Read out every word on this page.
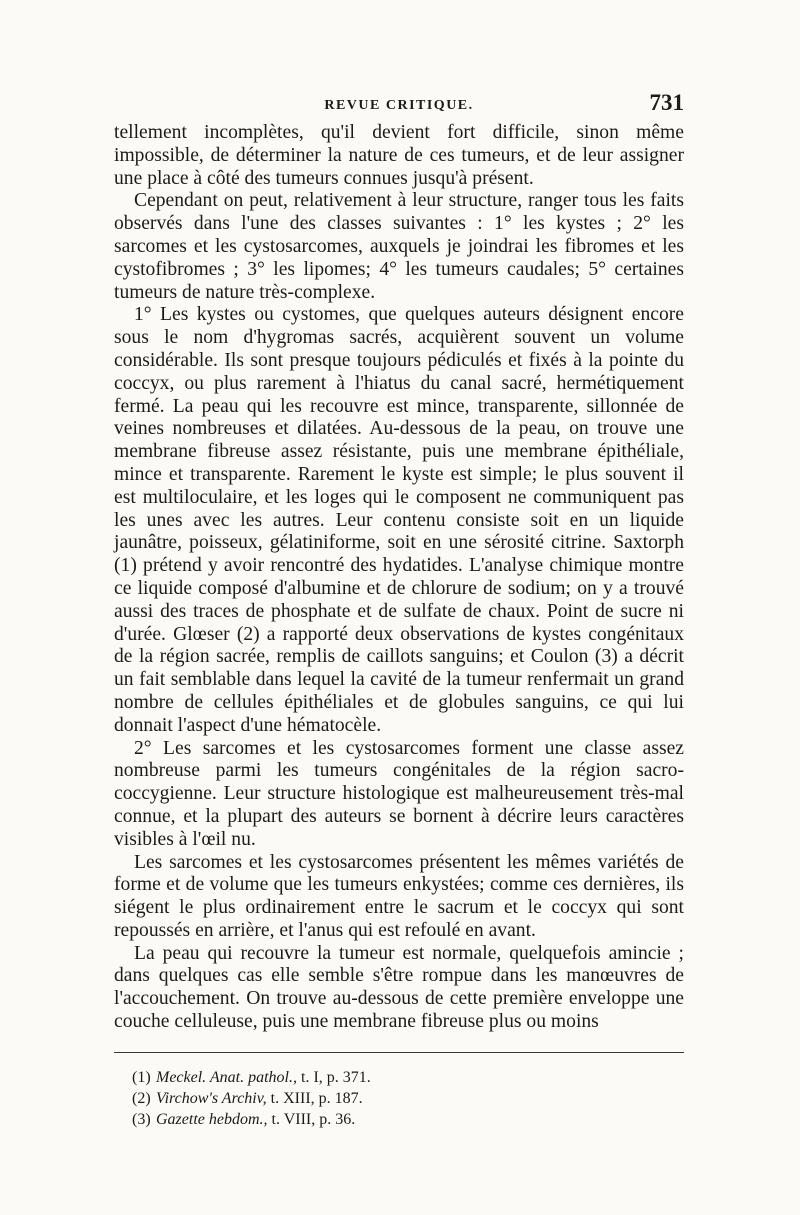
REVUE CRITIQUE.	731

tellement incomplètes, qu'il devient fort difficile, sinon même impossible, de déterminer la nature de ces tumeurs, et de leur assigner une place à côté des tumeurs connues jusqu'à présent.

Cependant on peut, relativement à leur structure, ranger tous les faits observés dans l'une des classes suivantes : 1° les kystes ; 2° les sarcomes et les cystosarcomes, auxquels je joindrai les fibromes et les cystofibromes ; 3° les lipomes; 4° les tumeurs caudales; 5° certaines tumeurs de nature très-complexe.

1° Les kystes ou cystomes, que quelques auteurs désignent encore sous le nom d'hygromas sacrés, acquièrent souvent un volume considérable. Ils sont presque toujours pédiculés et fixés à la pointe du coccyx, ou plus rarement à l'hiatus du canal sacré, hermétiquement fermé. La peau qui les recouvre est mince, transparente, sillonnée de veines nombreuses et dilatées. Au-dessous de la peau, on trouve une membrane fibreuse assez résistante, puis une membrane épithéliale, mince et transparente. Rarement le kyste est simple; le plus souvent il est multiloculaire, et les loges qui le composent ne communiquent pas les unes avec les autres. Leur contenu consiste soit en un liquide jaunâtre, poisseux, gélatiniforme, soit en une sérosité citrine. Saxtorph (1) prétend y avoir rencontré des hydatides. L'analyse chimique montre ce liquide composé d'albumine et de chlorure de sodium; on y a trouvé aussi des traces de phosphate et de sulfate de chaux. Point de sucre ni d'urée. Glœser (2) a rapporté deux observations de kystes congénitaux de la région sacrée, remplis de caillots sanguins; et Coulon (3) a décrit un fait semblable dans lequel la cavité de la tumeur renfermait un grand nombre de cellules épithéliales et de globules sanguins, ce qui lui donnait l'aspect d'une hématocèle.

2° Les sarcomes et les cystosarcomes forment une classe assez nombreuse parmi les tumeurs congénitales de la région sacro-coccygienne. Leur structure histologique est malheureusement très-mal connue, et la plupart des auteurs se bornent à décrire leurs caractères visibles à l'œil nu.

Les sarcomes et les cystosarcomes présentent les mêmes variétés de forme et de volume que les tumeurs enkystées; comme ces dernières, ils siégent le plus ordinairement entre le sacrum et le coccyx qui sont repoussés en arrière, et l'anus qui est refoulé en avant.

La peau qui recouvre la tumeur est normale, quelquefois amincie ; dans quelques cas elle semble s'être rompue dans les manœuvres de l'accouchement. On trouve au-dessous de cette première enveloppe une couche celluleuse, puis une membrane fibreuse plus ou moins

(1) Meckel. Anat. pathol., t. I, p. 371.
(2) Virchow's Archiv, t. XIII, p. 187.
(3) Gazette hebdom., t. VIII, p. 36.
